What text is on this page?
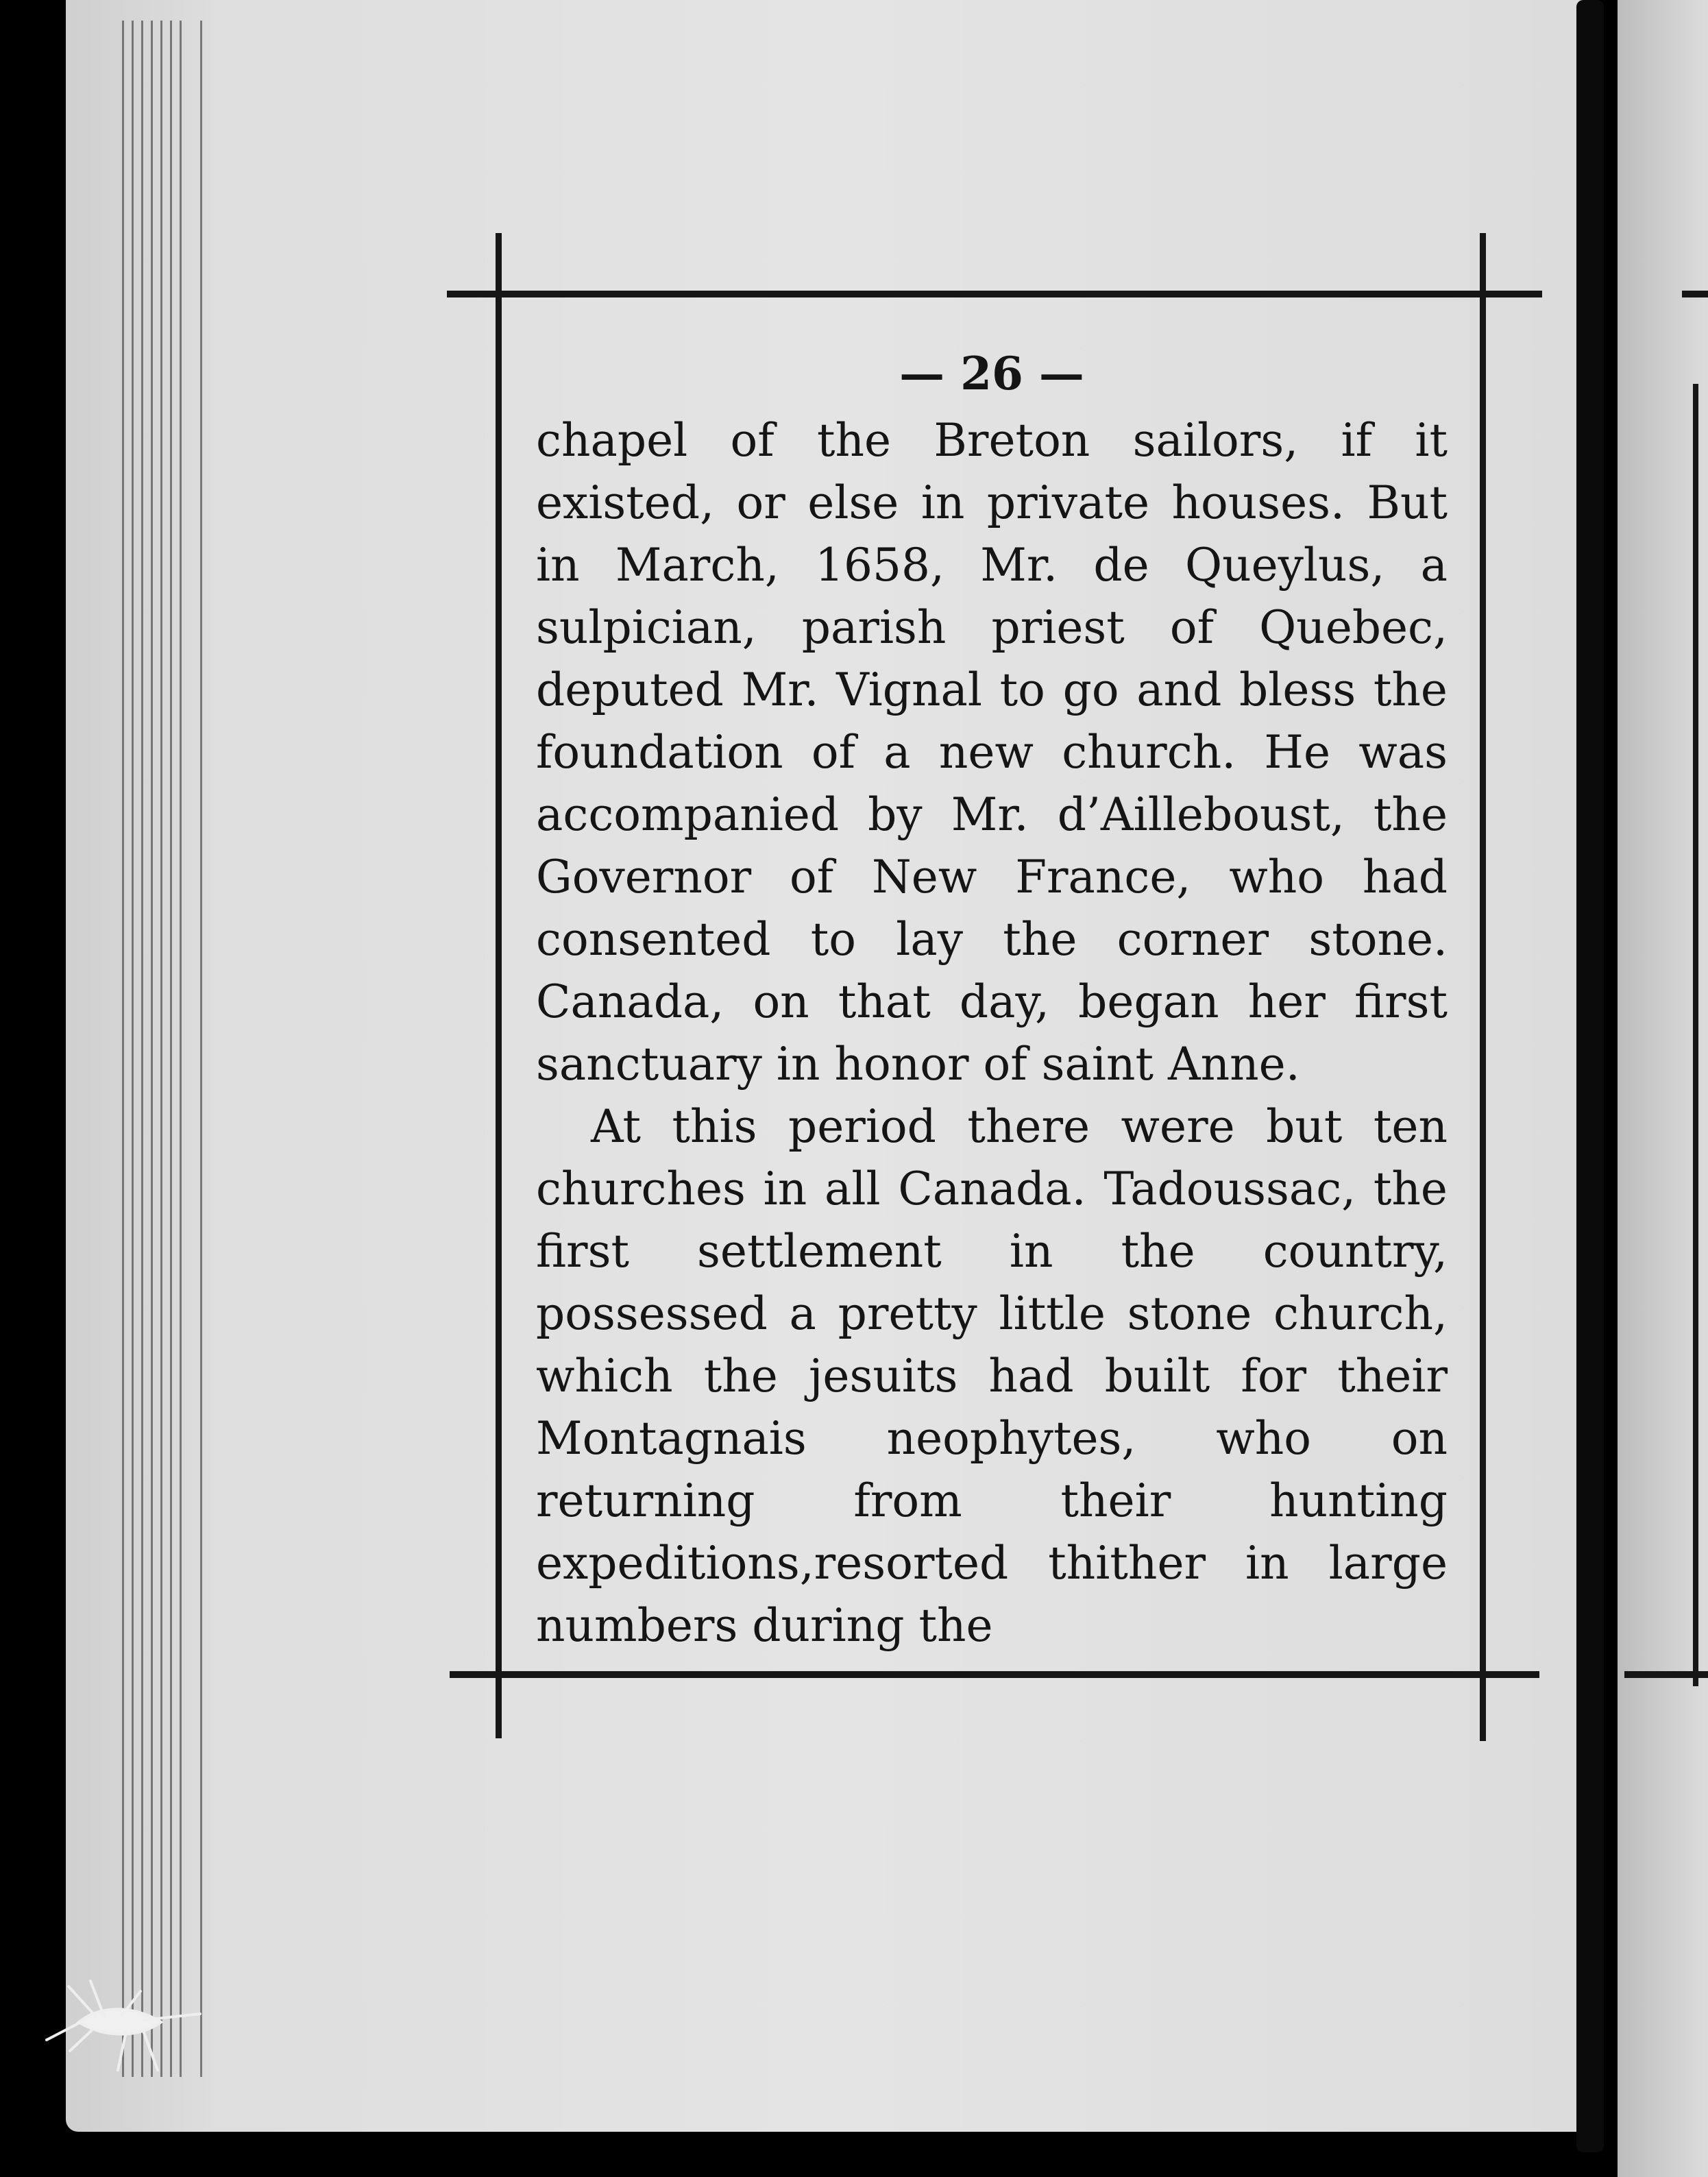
— 26 —

chapel of the Breton sailors, if it existed, or else in private houses. But in March, 1658, Mr. de Queylus, a sulpician, parish priest of Quebec, deputed Mr. Vignal to go and bless the foundation of a new church. He was accompanied by Mr. d’Ailleboust, the Governor of New France, who had consented to lay the corner stone. Canada, on that day, began her first sanctuary in honor of saint Anne.

At this period there were but ten churches in all Canada. Tadoussac, the first settlement in the country, possessed a pretty little stone church, which the jesuits had built for their Montagnais neophytes, who on returning from their hunting expeditions,resorted thither in large numbers during the
